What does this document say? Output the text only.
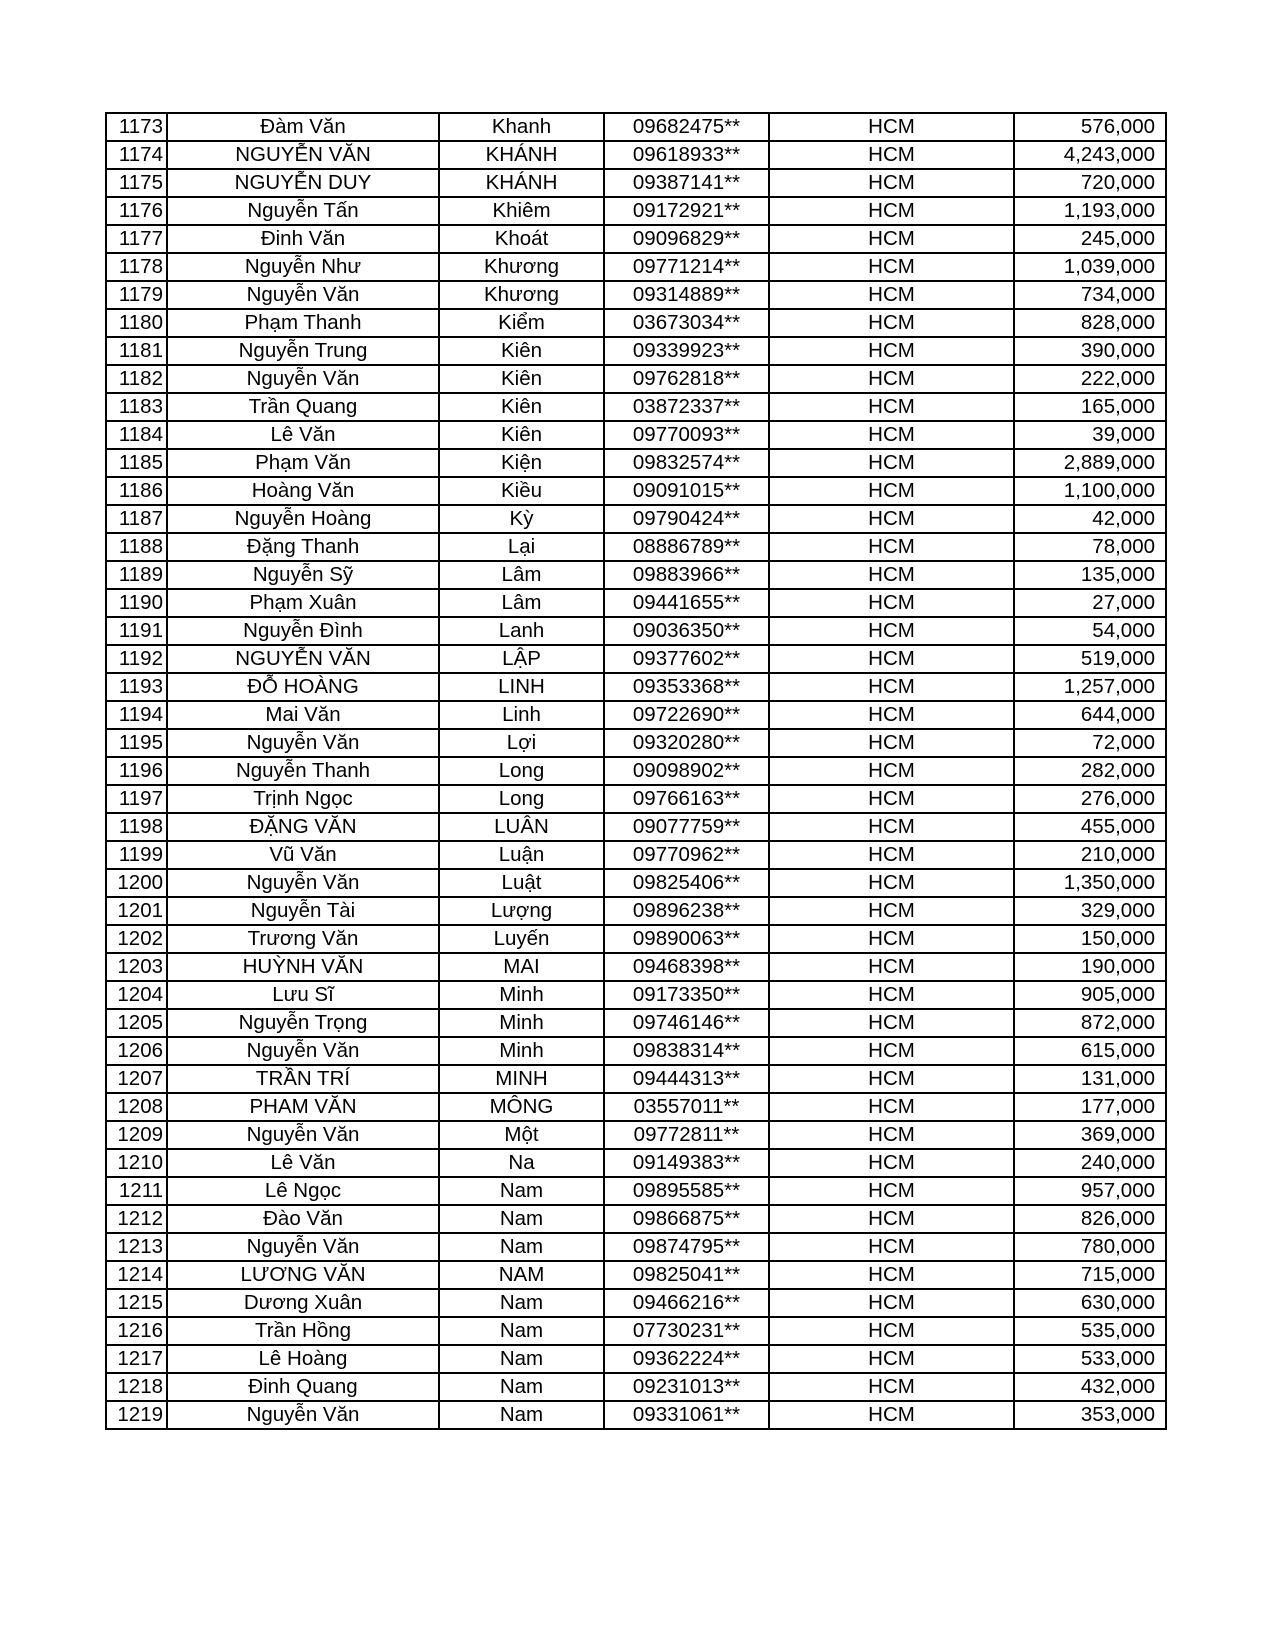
1173	Đàm Văn	Khanh	09682475**	HCM	576,000
1174	NGUYỄN VĂN	KHÁNH	09618933**	HCM	4,243,000
1175	NGUYỄN DUY	KHÁNH	09387141**	HCM	720,000
1176	Nguyễn Tấn	Khiêm	09172921**	HCM	1,193,000
1177	Đinh Văn	Khoát	09096829**	HCM	245,000
1178	Nguyễn Như	Khương	09771214**	HCM	1,039,000
1179	Nguyễn Văn	Khương	09314889**	HCM	734,000
1180	Phạm Thanh	Kiểm	03673034**	HCM	828,000
1181	Nguyễn Trung	Kiên	09339923**	HCM	390,000
1182	Nguyễn Văn	Kiên	09762818**	HCM	222,000
1183	Trần Quang	Kiên	03872337**	HCM	165,000
1184	Lê Văn	Kiên	09770093**	HCM	39,000
1185	Phạm Văn	Kiện	09832574**	HCM	2,889,000
1186	Hoàng Văn	Kiều	09091015**	HCM	1,100,000
1187	Nguyễn Hoàng	Kỳ	09790424**	HCM	42,000
1188	Đặng Thanh	Lại	08886789**	HCM	78,000
1189	Nguyễn Sỹ	Lâm	09883966**	HCM	135,000
1190	Phạm Xuân	Lâm	09441655**	HCM	27,000
1191	Nguyễn Đình	Lanh	09036350**	HCM	54,000
1192	NGUYỄN VĂN	LẬP	09377602**	HCM	519,000
1193	ĐỖ HOÀNG	LINH	09353368**	HCM	1,257,000
1194	Mai Văn	Linh	09722690**	HCM	644,000
1195	Nguyễn Văn	Lợi	09320280**	HCM	72,000
1196	Nguyễn Thanh	Long	09098902**	HCM	282,000
1197	Trịnh Ngọc	Long	09766163**	HCM	276,000
1198	ĐẶNG VĂN	LUÂN	09077759**	HCM	455,000
1199	Vũ Văn	Luận	09770962**	HCM	210,000
1200	Nguyễn Văn	Luật	09825406**	HCM	1,350,000
1201	Nguyễn Tài	Lượng	09896238**	HCM	329,000
1202	Trương Văn	Luyến	09890063**	HCM	150,000
1203	HUỲNH VĂN	MAI	09468398**	HCM	190,000
1204	Lưu Sĩ	Minh	09173350**	HCM	905,000
1205	Nguyễn Trọng	Minh	09746146**	HCM	872,000
1206	Nguyễn Văn	Minh	09838314**	HCM	615,000
1207	TRẦN TRÍ	MINH	09444313**	HCM	131,000
1208	PHAM VĂN	MÔNG	03557011**	HCM	177,000
1209	Nguyễn Văn	Một	09772811**	HCM	369,000
1210	Lê Văn	Na	09149383**	HCM	240,000
1211	Lê Ngọc	Nam	09895585**	HCM	957,000
1212	Đào Văn	Nam	09866875**	HCM	826,000
1213	Nguyễn Văn	Nam	09874795**	HCM	780,000
1214	LƯƠNG VĂN	NAM	09825041**	HCM	715,000
1215	Dương Xuân	Nam	09466216**	HCM	630,000
1216	Trần Hồng	Nam	07730231**	HCM	535,000
1217	Lê Hoàng	Nam	09362224**	HCM	533,000
1218	Đinh Quang	Nam	09231013**	HCM	432,000
1219	Nguyễn Văn	Nam	09331061**	HCM	353,000
